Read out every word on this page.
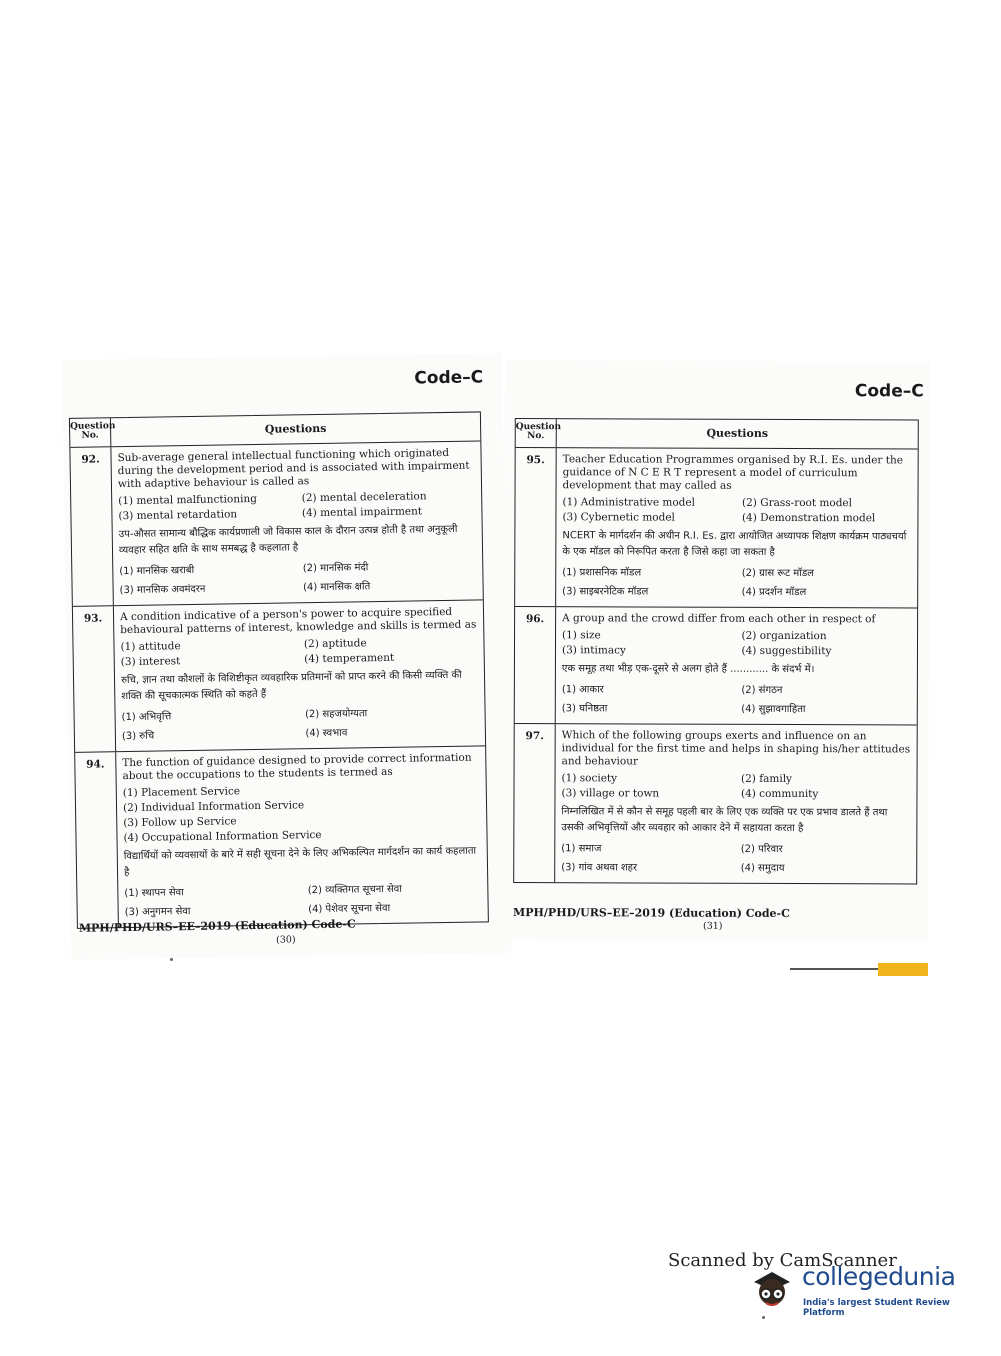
Code–C
Question No.	Questions
92.	Sub-average general intellectual functioning which originated during the development period and is associated with impairment with adaptive behaviour is called as
(1) mental malfunctioning	(2) mental deceleration
(3) mental retardation	(4) mental impairment
उप-औसत सामान्य बौद्धिक कार्यप्रणाली जो विकास काल के दौरान उत्पन्न होती है तथा अनुकूली व्यवहार सहित क्षति के साथ समबद्ध है कहलाता है
(1) मानसिक खराबी	(2) मानसिक मंदी
(3) मानसिक अवमंदरन	(4) मानसिक क्षति
93.	A condition indicative of a person's power to acquire specified behavioural patterns of interest, knowledge and skills is termed as
(1) attitude	(2) aptitude
(3) interest	(4) temperament
रुचि, ज्ञान तथा कौशलों के विशिष्टीकृत व्यवहारिक प्रतिमानों को प्राप्त करने की किसी व्यक्ति की शक्ति की सूचकात्मक स्थिति को कहते हैं
(1) अभिवृत्ति	(2) सहजयोग्यता
(3) रुचि	(4) स्वभाव
94.	The function of guidance designed to provide correct information about the occupations to the students is termed as
(1) Placement Service
(2) Individual Information Service
(3) Follow up Service
(4) Occupational Information Service
विद्यार्थियों को व्यवसायों के बारे में सही सूचना देने के लिए अभिकल्पित मार्गदर्शन का कार्य कहलाता है
(1) स्थापन सेवा	(2) व्यक्तिगत सूचना सेवा
(3) अनुगमन सेवा	(4) पेशेवर सूचना सेवा
MPH/PHD/URS–EE–2019 (Education) Code-C
(30)
Code–C
Question No.	Questions
95.	Teacher Education Programmes organised by R.I. Es. under the guidance of N C E R T represent a model of curriculum development that may called as
(1) Administrative model	(2) Grass-root model
(3) Cybernetic model	(4) Demonstration model
NCERT के मार्गदर्शन की अधीन R.I. Es. द्वारा आयोजित अध्यापक शिक्षण कार्यक्रम पाठ्यचर्या के एक मॉडल को निरूपित करता है जिसे कहा जा सकता है
(1) प्रशासनिक मॉडल	(2) ग्रास रूट मॉडल
(3) साइबरनेटिक मॉडल	(4) प्रदर्शन मॉडल
96.	A group and the crowd differ from each other in respect of
(1) size	(2) organization
(3) intimacy	(4) suggestibility
एक समूह तथा भीड़ एक-दूसरे से अलग होते हैं ............ के संदर्भ में।
(1) आकार	(2) संगठन
(3) घनिष्ठता	(4) सुझावगाहिता
97.	Which of the following groups exerts and influence on an individual for the first time and helps in shaping his/her attitudes and behaviour
(1) society	(2) family
(3) village or town	(4) community
निम्नलिखित में से कौन से समूह पहली बार के लिए एक व्यक्ति पर एक प्रभाव डालते हैं तथा उसकी अभिवृत्तियों और व्यवहार को आकार देने में सहायता करता है
(1) समाज	(2) परिवार
(3) गांव अथवा शहर	(4) समुदाय
MPH/PHD/URS–EE–2019 (Education) Code-C
(31)
Scanned by CamScanner
collegedunia
India's largest Student Review Platform
